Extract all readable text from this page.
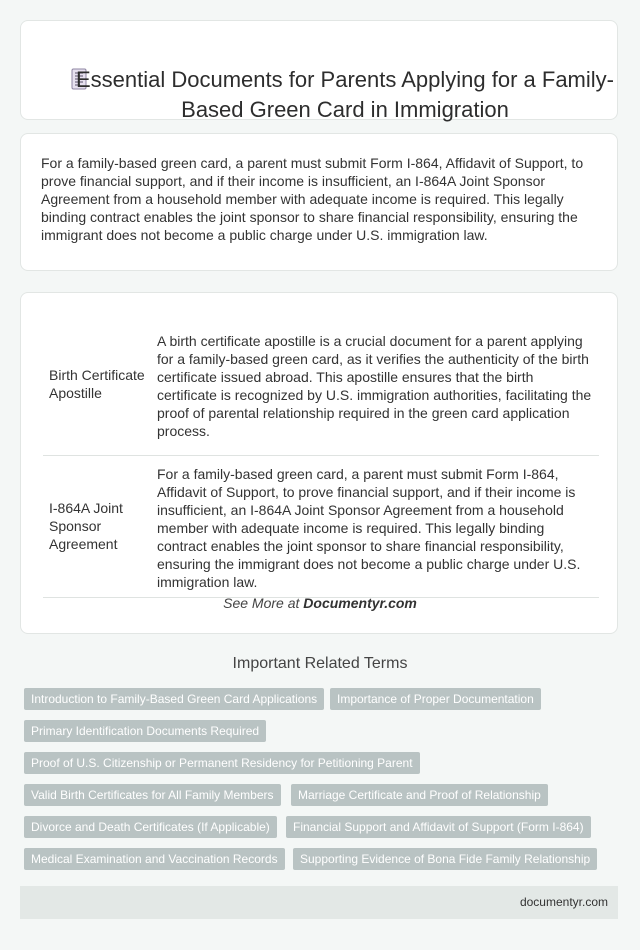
Essential Documents for Parents Applying for a Family-Based Green Card in Immigration

For a family-based green card, a parent must submit Form I-864, Affidavit of Support, to prove financial support, and if their income is insufficient, an I-864A Joint Sponsor Agreement from a household member with adequate income is required. This legally binding contract enables the joint sponsor to share financial responsibility, ensuring the immigrant does not become a public charge under U.S. immigration law.

Birth Certificate Apostille	A birth certificate apostille is a crucial document for a parent applying for a family-based green card, as it verifies the authenticity of the birth certificate issued abroad. This apostille ensures that the birth certificate is recognized by U.S. immigration authorities, facilitating the proof of parental relationship required in the green card application process.
I-864A Joint Sponsor Agreement	For a family-based green card, a parent must submit Form I-864, Affidavit of Support, to prove financial support, and if their income is insufficient, an I-864A Joint Sponsor Agreement from a household member with adequate income is required. This legally binding contract enables the joint sponsor to share financial responsibility, ensuring the immigrant does not become a public charge under U.S. immigration law.
See More at Documentyr.com
Important Related Terms
Introduction to Family-Based Green Card Applications	Importance of Proper Documentation
Primary Identification Documents Required
Proof of U.S. Citizenship or Permanent Residency for Petitioning Parent
Valid Birth Certificates for All Family Members	Marriage Certificate and Proof of Relationship
Divorce and Death Certificates (If Applicable)	Financial Support and Affidavit of Support (Form I-864)
Medical Examination and Vaccination Records	Supporting Evidence of Bona Fide Family Relationship
documentyr.com
